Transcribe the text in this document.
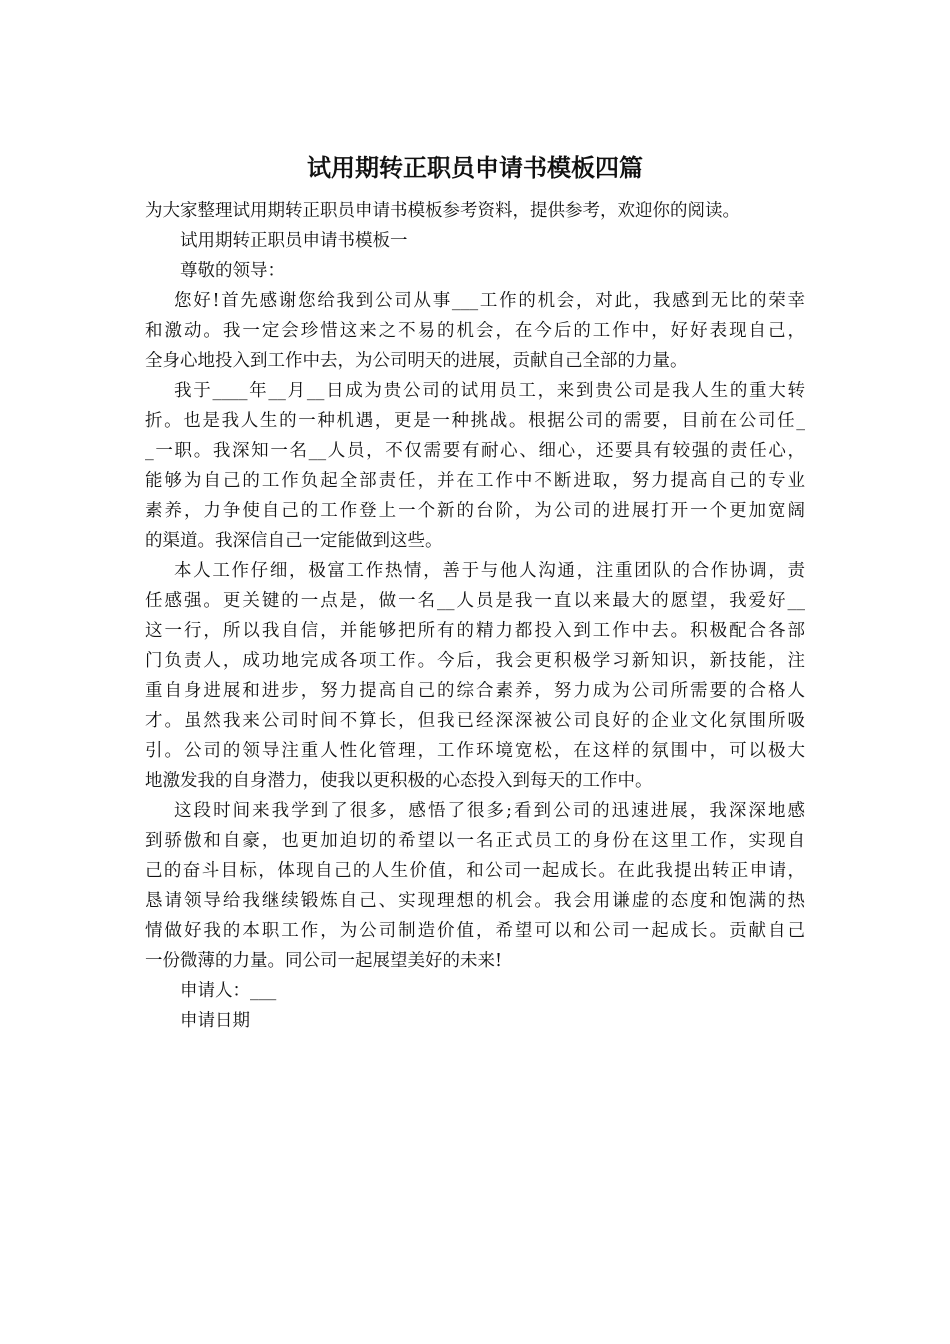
试用期转正职员申请书模板四篇

为大家整理试用期转正职员申请书模板参考资料，提供参考，欢迎你的阅读。

试用期转正职员申请书模板一

尊敬的领导：

您好!首先感谢您给我到公司从事___工作的机会，对此，我感到无比的荣幸
和激动。我一定会珍惜这来之不易的机会，在今后的工作中，好好表现自己，
全身心地投入到工作中去，为公司明天的进展，贡献自己全部的力量。
我于____年__月__日成为贵公司的试用员工，来到贵公司是我人生的重大转
折。也是我人生的一种机遇，更是一种挑战。根据公司的需要，目前在公司任_
_一职。我深知一名__人员，不仅需要有耐心、细心，还要具有较强的责任心，
能够为自己的工作负起全部责任，并在工作中不断进取，努力提高自己的专业
素养，力争使自己的工作登上一个新的台阶，为公司的进展打开一个更加宽阔
的渠道。我深信自己一定能做到这些。
本人工作仔细，极富工作热情，善于与他人沟通，注重团队的合作协调，责
任感强。更关键的一点是，做一名__人员是我一直以来最大的愿望，我爱好__
这一行，所以我自信，并能够把所有的精力都投入到工作中去。积极配合各部
门负责人，成功地完成各项工作。今后，我会更积极学习新知识，新技能，注
重自身进展和进步，努力提高自己的综合素养，努力成为公司所需要的合格人
才。虽然我来公司时间不算长，但我已经深深被公司良好的企业文化氛围所吸
引。公司的领导注重人性化管理，工作环境宽松，在这样的氛围中，可以极大
地激发我的自身潜力，使我以更积极的心态投入到每天的工作中。
这段时间来我学到了很多，感悟了很多;看到公司的迅速进展，我深深地感
到骄傲和自豪，也更加迫切的希望以一名正式员工的身份在这里工作，实现自
己的奋斗目标，体现自己的人生价值，和公司一起成长。在此我提出转正申请，
恳请领导给我继续锻炼自己、实现理想的机会。我会用谦虚的态度和饱满的热
情做好我的本职工作，为公司制造价值，希望可以和公司一起成长。贡献自己
一份微薄的力量。同公司一起展望美好的未来!

申请人：___

申请日期
